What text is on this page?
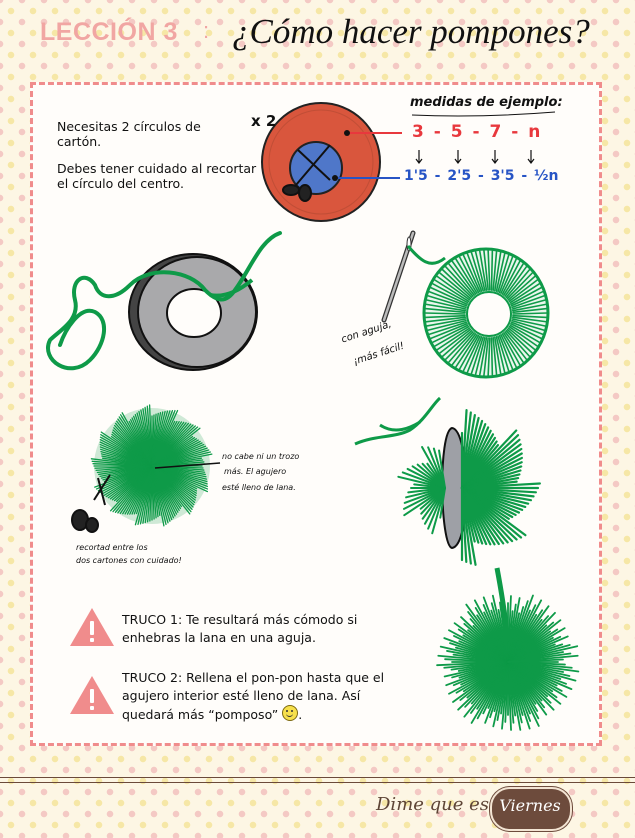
LECCIÓN 3 : ¿Cómo hacer pompones?
Necesitas 2 círculos de cartón.
Debes tener cuidado al recortar el círculo del centro.
x 2
medidas de ejemplo:
3 - 5 - 7 - n
1'5 - 2'5 - 3'5 - ½n
con aguja,
¡más fácil!
no cabe ni un trozo
más. El agujero
esté lleno de lana.
recortad entre los
dos cartones con cuidado!
TRUCO 1: Te resultará más cómodo si enhebras la lana en una aguja.
TRUCO 2: Rellena el pon-pon hasta que el agujero interior esté lleno de lana. Así quedará más “pomposo” .
Dime que es Viernes
